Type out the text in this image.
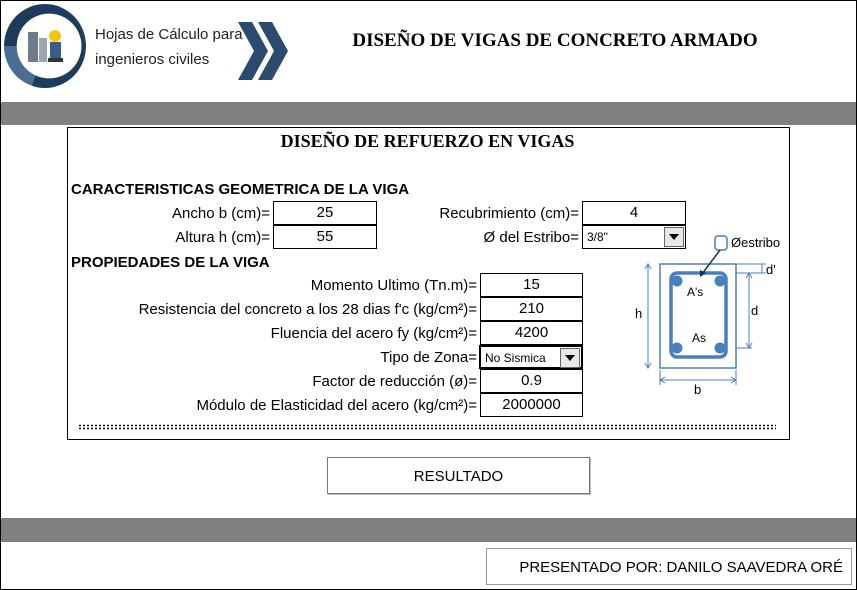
Hojas de Cálculo para
ingenieros civiles
DISEÑO DE VIGAS DE CONCRETO ARMADO
DISEÑO DE REFUERZO EN VIGAS
CARACTERISTICAS GEOMETRICA DE LA VIGA
Ancho b (cm)=	25
Altura h (cm)=	55
Recubrimiento (cm)=	4
Ø del Estribo= 3/8"
PROPIEDADES DE LA VIGA
Momento Ultimo (Tn.m)=	15
Resistencia del concreto a los 28 dias f'c (kg/cm²)=	210
Fluencia del acero fy (kg/cm²)=	4200
Tipo de Zona= No Sismica
Factor de reducción (ø)=	0.9
Módulo de Elasticidad del acero (kg/cm²)=	2000000
Øestribo
d'
h	d
b
A's
As
RESULTADO
PRESENTADO POR: DANILO SAAVEDRA ORÉ
